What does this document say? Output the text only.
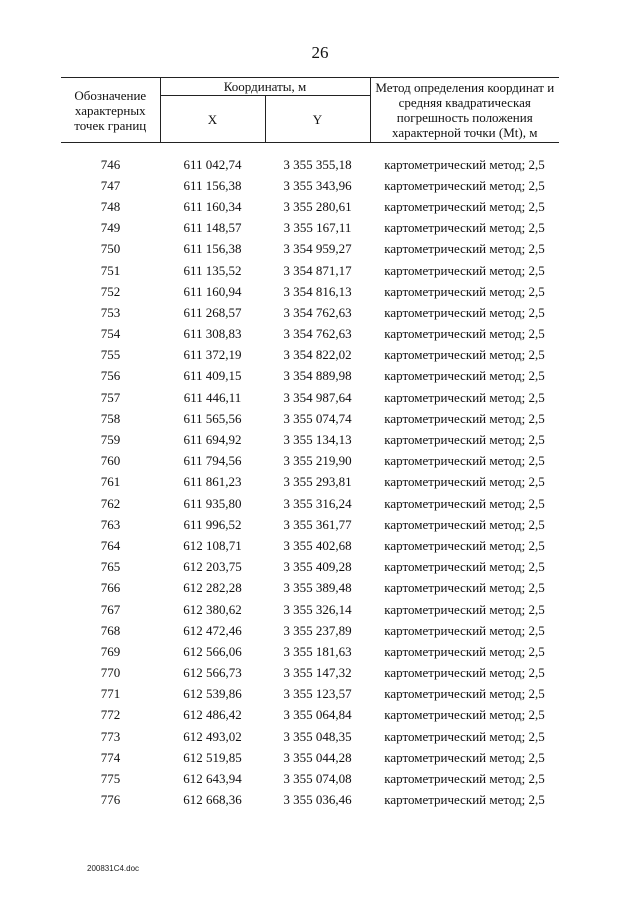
26
Обозначение характерных точек границ	Координаты, м		Метод определения координат и средняя квадратическая погрешность положения характерной точки (Mt), м
	X	Y	

746	611 042,74	3 355 355,18	картометрический метод; 2,5
747	611 156,38	3 355 343,96	картометрический метод; 2,5
748	611 160,34	3 355 280,61	картометрический метод; 2,5
749	611 148,57	3 355 167,11	картометрический метод; 2,5
750	611 156,38	3 354 959,27	картометрический метод; 2,5
751	611 135,52	3 354 871,17	картометрический метод; 2,5
752	611 160,94	3 354 816,13	картометрический метод; 2,5
753	611 268,57	3 354 762,63	картометрический метод; 2,5
754	611 308,83	3 354 762,63	картометрический метод; 2,5
755	611 372,19	3 354 822,02	картометрический метод; 2,5
756	611 409,15	3 354 889,98	картометрический метод; 2,5
757	611 446,11	3 354 987,64	картометрический метод; 2,5
758	611 565,56	3 355 074,74	картометрический метод; 2,5
759	611 694,92	3 355 134,13	картометрический метод; 2,5
760	611 794,56	3 355 219,90	картометрический метод; 2,5
761	611 861,23	3 355 293,81	картометрический метод; 2,5
762	611 935,80	3 355 316,24	картометрический метод; 2,5
763	611 996,52	3 355 361,77	картометрический метод; 2,5
764	612 108,71	3 355 402,68	картометрический метод; 2,5
765	612 203,75	3 355 409,28	картометрический метод; 2,5
766	612 282,28	3 355 389,48	картометрический метод; 2,5
767	612 380,62	3 355 326,14	картометрический метод; 2,5
768	612 472,46	3 355 237,89	картометрический метод; 2,5
769	612 566,06	3 355 181,63	картометрический метод; 2,5
770	612 566,73	3 355 147,32	картометрический метод; 2,5
771	612 539,86	3 355 123,57	картометрический метод; 2,5
772	612 486,42	3 355 064,84	картометрический метод; 2,5
773	612 493,02	3 355 048,35	картометрический метод; 2,5
774	612 519,85	3 355 044,28	картометрический метод; 2,5
775	612 643,94	3 355 074,08	картометрический метод; 2,5
776	612 668,36	3 355 036,46	картометрический метод; 2,5
200831C4.doc
